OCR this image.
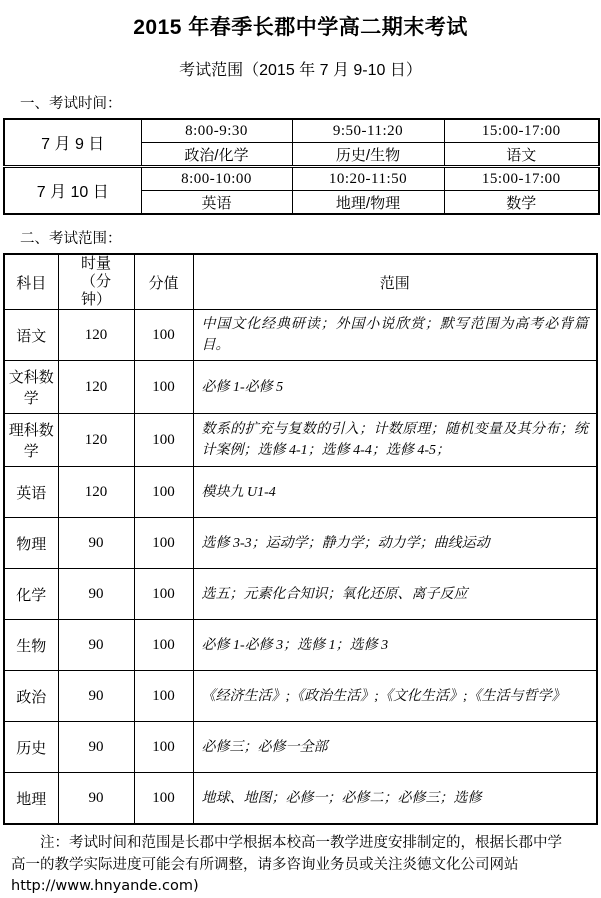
2015 年春季长郡中学高二期末考试
考试范围（2015 年 7 月 9-10 日）
一、考试时间：
7 月 9 日	8:00-9:30	9:50-11:20	15:00-17:00
	政治/化学	历史/生物	语文
7 月 10 日	8:00-10:00	10:20-11:50	15:00-17:00
	英语	地理/物理	数学
二、考试范围：
科目	时量（分钟）	分值	范围
语文	120	100	中国文化经典研读；外国小说欣赏；默写范围为高考必背篇目。
文科数学	120	100	必修 1-必修 5
理科数学	120	100	数系的扩充与复数的引入；计数原理；随机变量及其分布；统计案例；选修 4-1；选修 4-4；选修 4-5；
英语	120	100	模块九 U1-4
物理	90	100	选修 3-3；运动学；静力学；动力学；曲线运动
化学	90	100	选五；元素化合知识；氧化还原、离子反应
生物	90	100	必修 1-必修 3；选修 1；选修 3
政治	90	100	《经济生活》;《政治生活》;《文化生活》;《生活与哲学》
历史	90	100	必修三；必修一全部
地理	90	100	地球、地图；必修一；必修二；必修三；选修
注：考试时间和范围是长郡中学根据本校高一教学进度安排制定的，根据长郡中学
高一的教学实际进度可能会有所调整，请多咨询业务员或关注炎德文化公司网站
http://www.hnyande.com)
